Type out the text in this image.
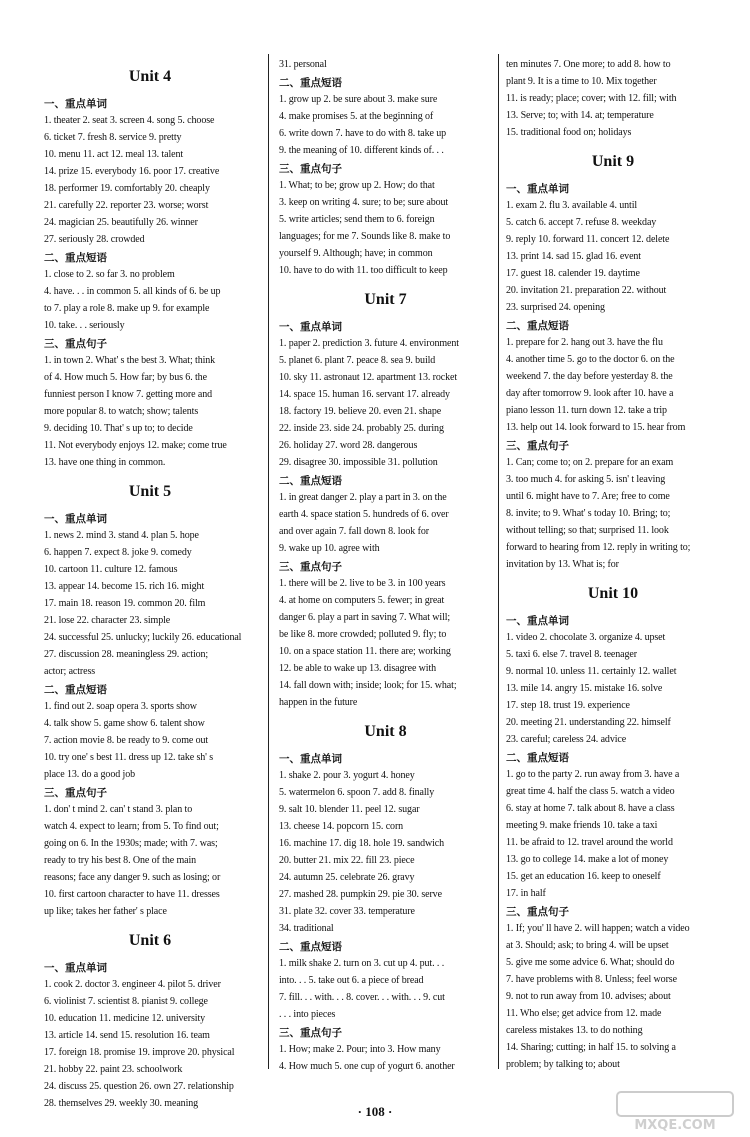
Unit 4
一、重点单词
1. theater 2. seat 3. screen 4. song 5. choose
6. ticket 7. fresh 8. service 9. pretty
10. menu 11. act 12. meal 13. talent
14. prize 15. everybody 16. poor 17. creative
18. performer 19. comfortably 20. cheaply
21. carefully 22. reporter 23. worse; worst
24. magician 25. beautifully 26. winner
27. seriously 28. crowded
二、重点短语
1. close to 2. so far 3. no problem
4. have. . . in common 5. all kinds of 6. be up
to 7. play a role 8. make up 9. for example
10. take. . . seriously
三、重点句子
1. in town 2. What' s the best 3. What; think
of 4. How much 5. How far; by bus 6. the
funniest person I know 7. getting more and
more popular 8. to watch; show; talents
9. deciding 10. That' s up to; to decide
11. Not everybody enjoys 12. make; come true
13. have one thing in common.
Unit 5
一、重点单词
1. news 2. mind 3. stand 4. plan 5. hope
6. happen 7. expect 8. joke 9. comedy
10. cartoon 11. culture 12. famous
13. appear 14. become 15. rich 16. might
17. main 18. reason 19. common 20. film
21. lose 22. character 23. simple
24. successful 25. unlucky; luckily 26. educational
27. discussion 28. meaningless 29. action;
actor; actress
二、重点短语
1. find out 2. soap opera 3. sports show
4. talk show 5. game show 6. talent show
7. action movie 8. be ready to 9. come out
10. try one' s best 11. dress up 12. take sh' s
place 13. do a good job
三、重点句子
1. don' t mind 2. can' t stand 3. plan to
watch 4. expect to learn; from 5. To find out;
going on 6. In the 1930s; made; with 7. was;
ready to try his best 8. One of the main
reasons; face any danger 9. such as losing; or
10. first cartoon character to have 11. dresses
up like; takes her father' s place
Unit 6
一、重点单词
1. cook 2. doctor 3. engineer 4. pilot 5. driver
6. violinist 7. scientist 8. pianist 9. college
10. education 11. medicine 12. university
13. article 14. send 15. resolution 16. team
17. foreign 18. promise 19. improve 20. physical
21. hobby 22. paint 23. schoolwork
24. discuss 25. question 26. own 27. relationship
28. themselves 29. weekly 30. meaning
31. personal
二、重点短语
1. grow up 2. be sure about 3. make sure
4. make promises 5. at the beginning of
6. write down 7. have to do with 8. take up
9. the meaning of 10. different kinds of. . .
三、重点句子
1. What; to be; grow up 2. How; do that
3. keep on writing 4. sure; to be; sure about
5. write articles; send them to 6. foreign
languages; for me 7. Sounds like 8. make to
yourself 9. Although; have; in common
10. have to do with 11. too difficult to keep
Unit 7
一、重点单词
1. paper 2. prediction 3. future 4. environment
5. planet 6. plant 7. peace 8. sea 9. build
10. sky 11. astronaut 12. apartment 13. rocket
14. space 15. human 16. servant 17. already
18. factory 19. believe 20. even 21. shape
22. inside 23. side 24. probably 25. during
26. holiday 27. word 28. dangerous
29. disagree 30. impossible 31. pollution
二、重点短语
1. in great danger 2. play a part in 3. on the
earth 4. space station 5. hundreds of 6. over
and over again 7. fall down 8. look for
9. wake up 10. agree with
三、重点句子
1. there will be 2. live to be 3. in 100 years
4. at home on computers 5. fewer; in great
danger 6. play a part in saving 7. What will;
be like 8. more crowded; polluted 9. fly; to
10. on a space station 11. there are; working
12. be able to wake up 13. disagree with
14. fall down with; inside; look; for 15. what;
happen in the future
Unit 8
一、重点单词
1. shake 2. pour 3. yogurt 4. honey
5. watermelon 6. spoon 7. add 8. finally
9. salt 10. blender 11. peel 12. sugar
13. cheese 14. popcorn 15. corn
16. machine 17. dig 18. hole 19. sandwich
20. butter 21. mix 22. fill 23. piece
24. autumn 25. celebrate 26. gravy
27. mashed 28. pumpkin 29. pie 30. serve
31. plate 32. cover 33. temperature
34. traditional
二、重点短语
1. milk shake 2. turn on 3. cut up 4. put. . .
into. . . 5. take out 6. a piece of bread
7. fill. . . with. . . 8. cover. . . with. . . 9. cut
. . . into pieces
三、重点句子
1. How; make 2. Pour; into 3. How many
4. How much 5. one cup of yogurt 6. another
ten minutes 7. One more; to add 8. how to
plant 9. It is a time to 10. Mix together
11. is ready; place; cover; with 12. fill; with
13. Serve; to; with 14. at; temperature
15. traditional food on; holidays
Unit 9
一、重点单词
1. exam 2. flu 3. available 4. until
5. catch 6. accept 7. refuse 8. weekday
9. reply 10. forward 11. concert 12. delete
13. print 14. sad 15. glad 16. event
17. guest 18. calender 19. daytime
20. invitation 21. preparation 22. without
23. surprised 24. opening
二、重点短语
1. prepare for 2. hang out 3. have the flu
4. another time 5. go to the doctor 6. on the
weekend 7. the day before yesterday 8. the
day after tomorrow 9. look after 10. have a
piano lesson 11. turn down 12. take a trip
13. help out 14. look forward to 15. hear from
三、重点句子
1. Can; come to; on 2. prepare for an exam
3. too much 4. for asking 5. isn' t leaving
until 6. might have to 7. Are; free to come
8. invite; to 9. What' s today 10. Bring; to;
without telling; so that; surprised 11. look
forward to hearing from 12. reply in writing to;
invitation by 13. What is; for
Unit 10
一、重点单词
1. video 2. chocolate 3. organize 4. upset
5. taxi 6. else 7. travel 8. teenager
9. normal 10. unless 11. certainly 12. wallet
13. mile 14. angry 15. mistake 16. solve
17. step 18. trust 19. experience
20. meeting 21. understanding 22. himself
23. careful; careless 24. advice
二、重点短语
1. go to the party 2. run away from 3. have a
great time 4. half the class 5. watch a video
6. stay at home 7. talk about 8. have a class
meeting 9. make friends 10. take a taxi
11. be afraid to 12. travel around the world
13. go to college 14. make a lot of money
15. get an education 16. keep to oneself
17. in half
三、重点句子
1. If; you' ll have 2. will happen; watch a video
at 3. Should; ask; to bring 4. will be upset
5. give me some advice 6. What; should do
7. have problems with 8. Unless; feel worse
9. not to run away from 10. advises; about
11. Who else; get advice from 12. made
careless mistakes 13. to do nothing
14. Sharing; cutting; in half 15. to solving a
problem; by talking to; about
· 108 ·
MXQE.COM
